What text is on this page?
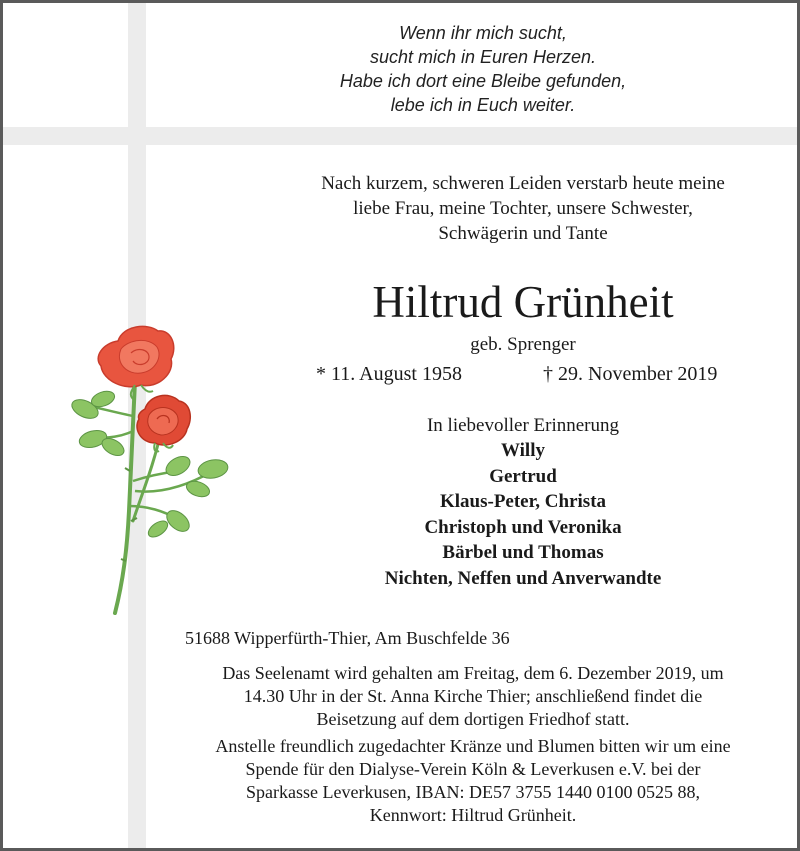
Wenn ihr mich sucht,
sucht mich in Euren Herzen.
Habe ich dort eine Bleibe gefunden,
lebe ich in Euch weiter.
Nach kurzem, schweren Leiden verstarb heute meine
liebe Frau, meine Tochter, unsere Schwester,
Schwägerin und Tante
Hiltrud Grünheit
geb. Sprenger
* 11. August 1958	† 29. November 2019
In liebevoller Erinnerung
Willy
Gertrud
Klaus-Peter, Christa
Christoph und Veronika
Bärbel und Thomas
Nichten, Neffen und Anverwandte
51688 Wipperfürth-Thier, Am Buschfelde 36
Das Seelenamt wird gehalten am Freitag, dem 6. Dezember 2019, um
14.30 Uhr in der St. Anna Kirche Thier; anschließend findet die
Beisetzung auf dem dortigen Friedhof statt.
Anstelle freundlich zugedachter Kränze und Blumen bitten wir um eine
Spende für den Dialyse-Verein Köln & Leverkusen e.V. bei der
Sparkasse Leverkusen, IBAN: DE57 3755 1440 0100 0525 88,
Kennwort: Hiltrud Grünheit.
